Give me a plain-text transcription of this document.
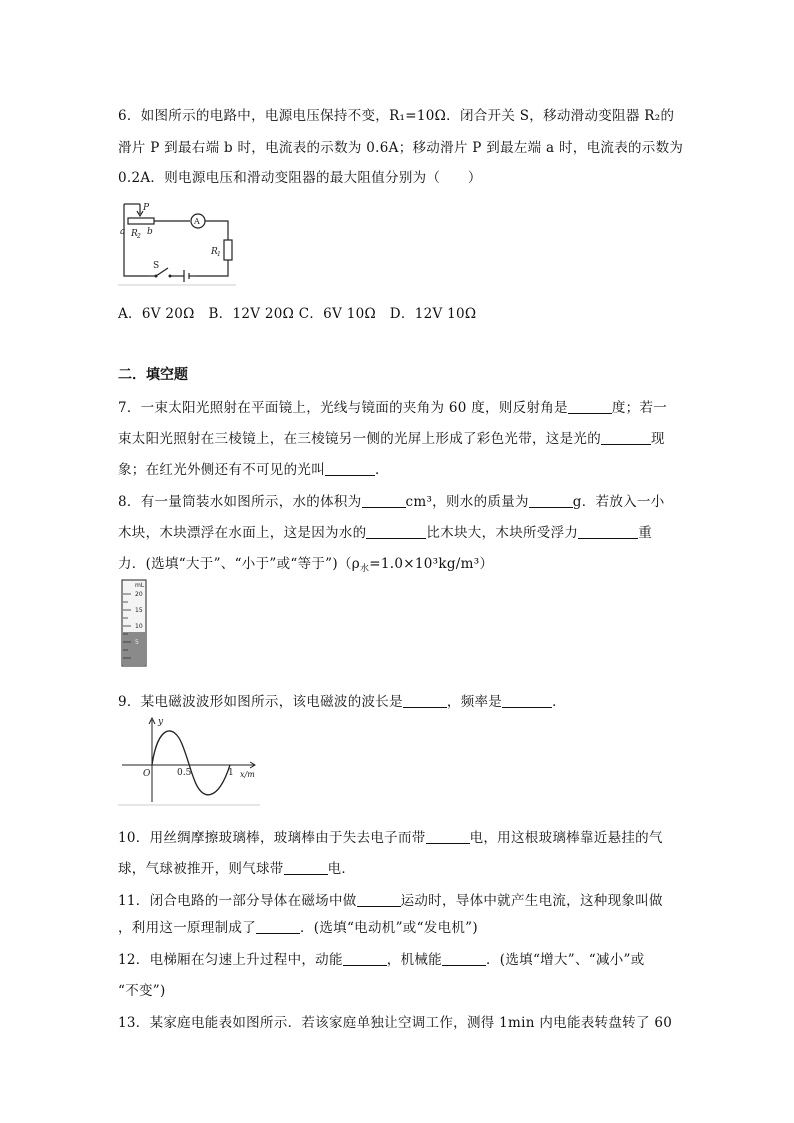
6．如图所示的电路中，电源电压保持不变，R₁=10Ω．闭合开关 S，移动滑动变阻器 R₂的
滑片 P 到最右端 b 时，电流表的示数为 0.6A；移动滑片 P 到最左端 a 时，电流表的示数为
0.2A．则电源电压和滑动变阻器的最大阻值分别为（　　）
P
a b
R 2
R 1
S
A
A．6V 20Ω　B．12V 20Ω C．6V 10Ω　D．12V 10Ω
二．填空题
7．一束太阳光照射在平面镜上，光线与镜面的夹角为 60 度，则反射角是	度；若一
束太阳光照射在三棱镜上，在三棱镜另一侧的光屏上形成了彩色光带，这是光的	现
象；在红光外侧还有不可见的光叫	．
8．有一量筒装水如图所示，水的体积为	cm³，则水的质量为	g．若放入一小
木块，木块漂浮在水面上，这是因为水的	比木块大，木块所受浮力	重
力．(选填“大于”、“小于”或“等于$”)(\rho_水=1.0\times 10^3kg/m^3)$
mL
20
15
10
5
9．某电磁波波形如图所示，该电磁波的波长是	，频率是	．
y
O	0.5	1 x/m
10．用丝绸摩擦玻璃棒，玻璃棒由于失去电子而带	电，用这根玻璃棒靠近悬挂的气
球，气球被推开，则气球带	电．
11．闭合电路的一部分导体在磁场中做	运动时，导体中就产生电流，这种现象叫做
，利用这一原理制成了	．(选填“电动机”或“发电机”)
12．电梯厢在匀速上升过程中，动能	，机械能	．(选填“增大”、“减小”或
“不变”)
13．某家庭电能表如图所示．若该家庭单独让空调工作，测得 1min 内电能表转盘转了 60
